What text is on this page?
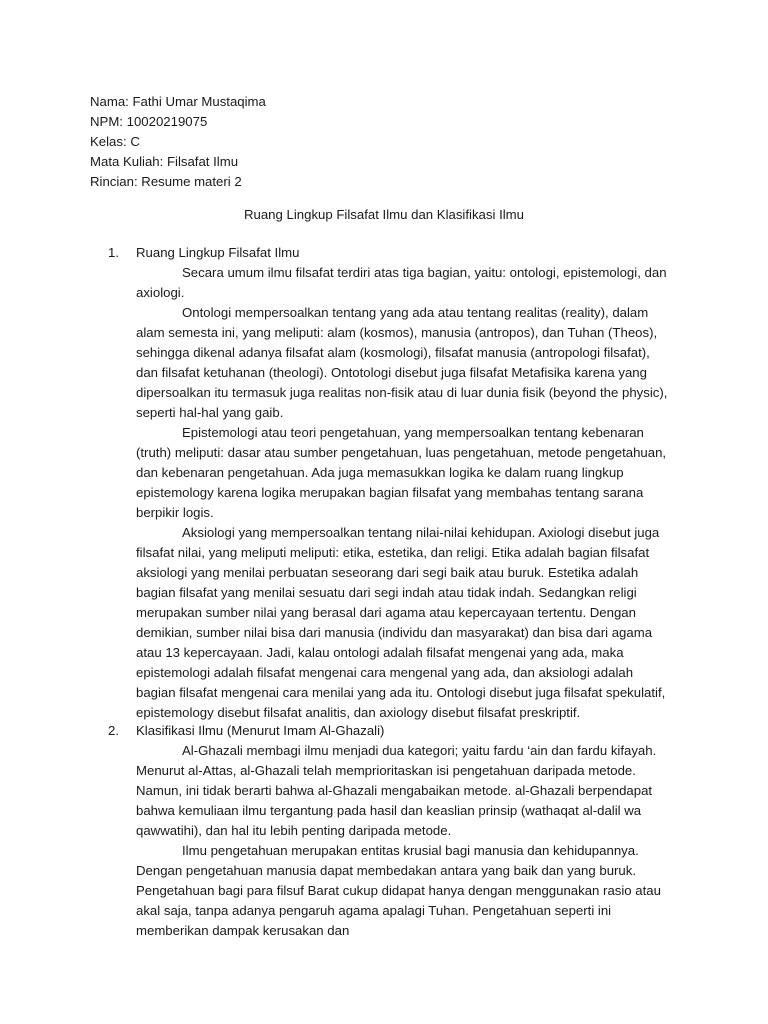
Nama: Fathi Umar Mustaqima
NPM: 10020219075
Kelas: C
Mata Kuliah: Filsafat Ilmu
Rincian: Resume materi 2
Ruang Lingkup Filsafat Ilmu dan Klasifikasi Ilmu
1. Ruang Lingkup Filsafat Ilmu

Secara umum ilmu filsafat terdiri atas tiga bagian, yaitu: ontologi, epistemologi, dan axiologi.

Ontologi mempersoalkan tentang yang ada atau tentang realitas (reality), dalam alam semesta ini, yang meliputi: alam (kosmos), manusia (antropos), dan Tuhan (Theos), sehingga dikenal adanya filsafat alam (kosmologi), filsafat manusia (antropologi filsafat), dan filsafat ketuhanan (theologi). Ontotologi disebut juga filsafat Metafisika karena yang dipersoalkan itu termasuk juga realitas non-fisik atau di luar dunia fisik (beyond the physic), seperti hal-hal yang gaib.

Epistemologi atau teori pengetahuan, yang mempersoalkan tentang kebenaran (truth) meliputi: dasar atau sumber pengetahuan, luas pengetahuan, metode pengetahuan, dan kebenaran pengetahuan. Ada juga memasukkan logika ke dalam ruang lingkup epistemology karena logika merupakan bagian filsafat yang membahas tentang sarana berpikir logis.

Aksiologi yang mempersoalkan tentang nilai-nilai kehidupan. Axiologi disebut juga filsafat nilai, yang meliputi meliputi: etika, estetika, dan religi. Etika adalah bagian filsafat aksiologi yang menilai perbuatan seseorang dari segi baik atau buruk. Estetika adalah bagian filsafat yang menilai sesuatu dari segi indah atau tidak indah. Sedangkan religi merupakan sumber nilai yang berasal dari agama atau kepercayaan tertentu. Dengan demikian, sumber nilai bisa dari manusia (individu dan masyarakat) dan bisa dari agama atau 13 kepercayaan. Jadi, kalau ontologi adalah filsafat mengenai yang ada, maka epistemologi adalah filsafat mengenai cara mengenal yang ada, dan aksiologi adalah bagian filsafat mengenai cara menilai yang ada itu. Ontologi disebut juga filsafat spekulatif, epistemology disebut filsafat analitis, dan axiology disebut filsafat preskriptif.

2. Klasifikasi Ilmu (Menurut Imam Al-Ghazali)

Al-Ghazali membagi ilmu menjadi dua kategori; yaitu fardu ‘ain dan fardu kifayah. Menurut al-Attas, al-Ghazali telah memprioritaskan isi pengetahuan daripada metode. Namun, ini tidak berarti bahwa al-Ghazali mengabaikan metode. al-Ghazali berpendapat bahwa kemuliaan ilmu tergantung pada hasil dan keaslian prinsip (wathaqat al-dalil wa qawwatihi), dan hal itu lebih penting daripada metode.

Ilmu pengetahuan merupakan entitas krusial bagi manusia dan kehidupannya. Dengan pengetahuan manusia dapat membedakan antara yang baik dan yang buruk. Pengetahuan bagi para filsuf Barat cukup didapat hanya dengan menggunakan rasio atau akal saja, tanpa adanya pengaruh agama apalagi Tuhan. Pengetahuan seperti ini memberikan dampak kerusakan dan
